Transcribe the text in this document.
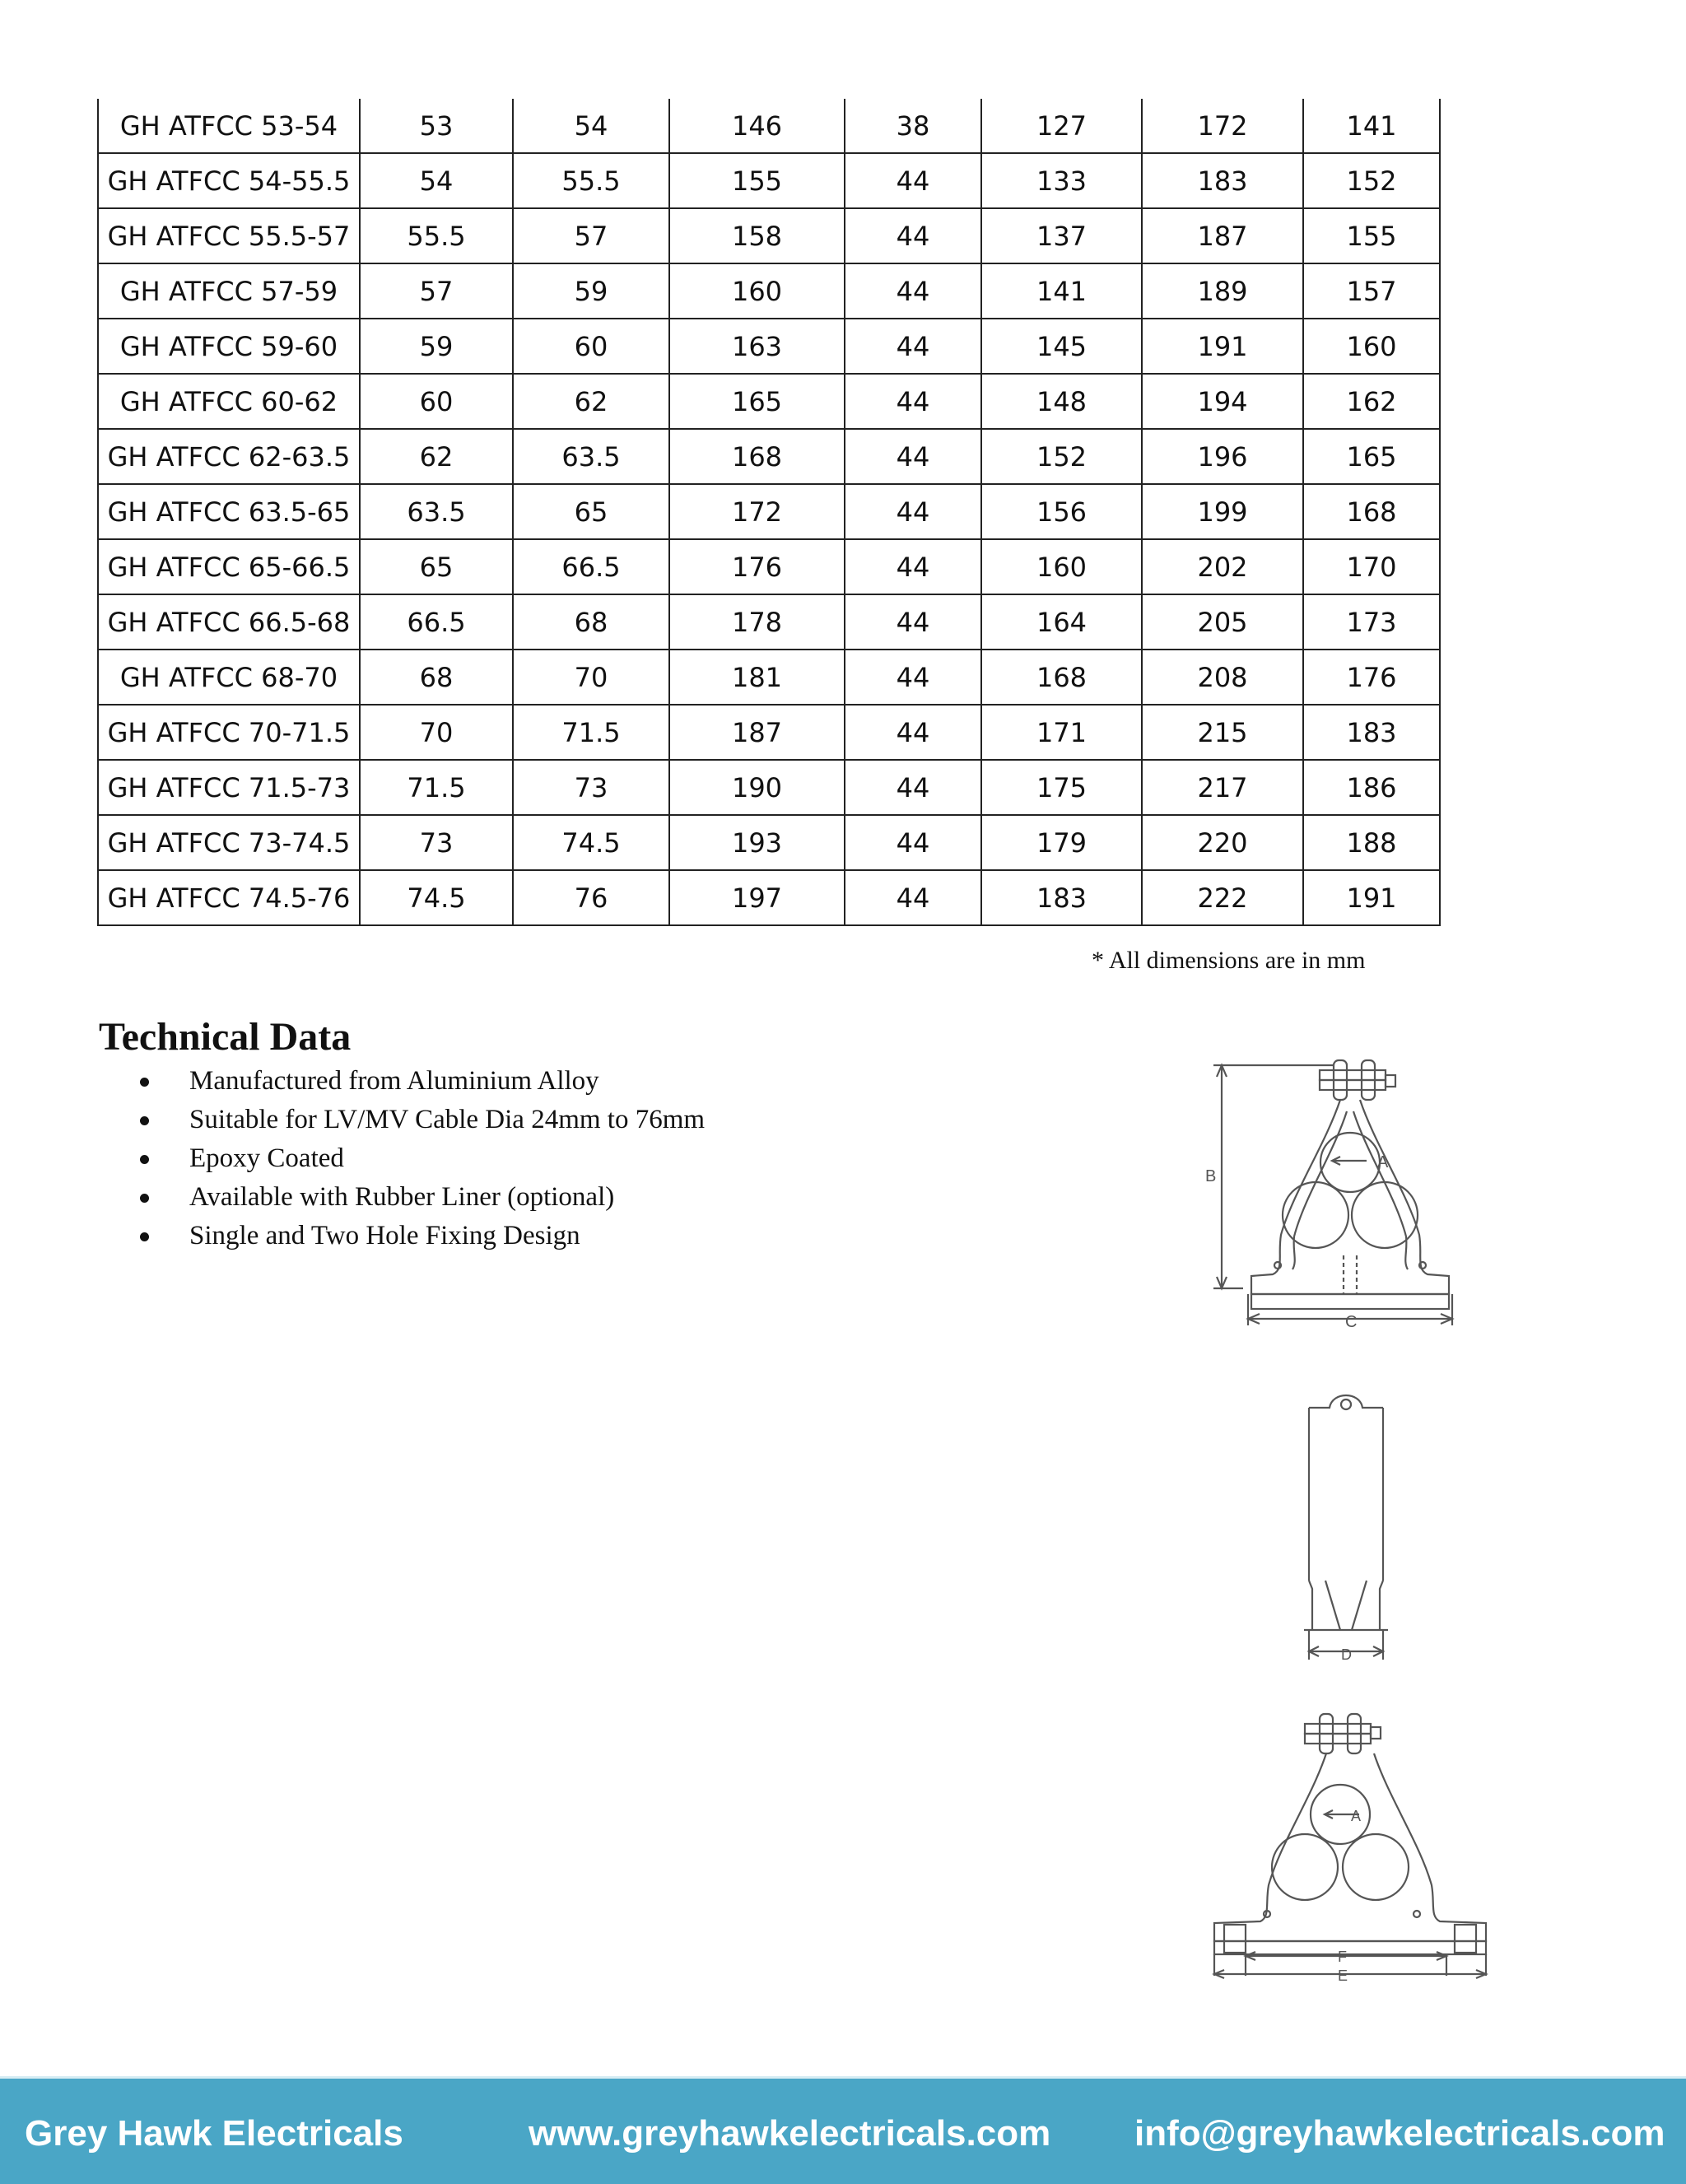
GH ATFCC 53-54	53	54	146	38	127	172	141
GH ATFCC 54-55.5	54	55.5	155	44	133	183	152
GH ATFCC 55.5-57	55.5	57	158	44	137	187	155
GH ATFCC 57-59	57	59	160	44	141	189	157
GH ATFCC 59-60	59	60	163	44	145	191	160
GH ATFCC 60-62	60	62	165	44	148	194	162
GH ATFCC 62-63.5	62	63.5	168	44	152	196	165
GH ATFCC 63.5-65	63.5	65	172	44	156	199	168
GH ATFCC 65-66.5	65	66.5	176	44	160	202	170
GH ATFCC 66.5-68	66.5	68	178	44	164	205	173
GH ATFCC 68-70	68	70	181	44	168	208	176
GH ATFCC 70-71.5	70	71.5	187	44	171	215	183
GH ATFCC 71.5-73	71.5	73	190	44	175	217	186
GH ATFCC 73-74.5	73	74.5	193	44	179	220	188
GH ATFCC 74.5-76	74.5	76	197	44	183	222	191
* All dimensions are in mm
Technical Data
Manufactured from Aluminium Alloy
Suitable for LV/MV Cable Dia 24mm to 76mm
Epoxy Coated
Available with Rubber Liner (optional)
Single and Two Hole Fixing Design
A
B
C
D
A
F
E
Grey Hawk Electricals	www.greyhawkelectricals.com info@greyhawkelectricals.com
